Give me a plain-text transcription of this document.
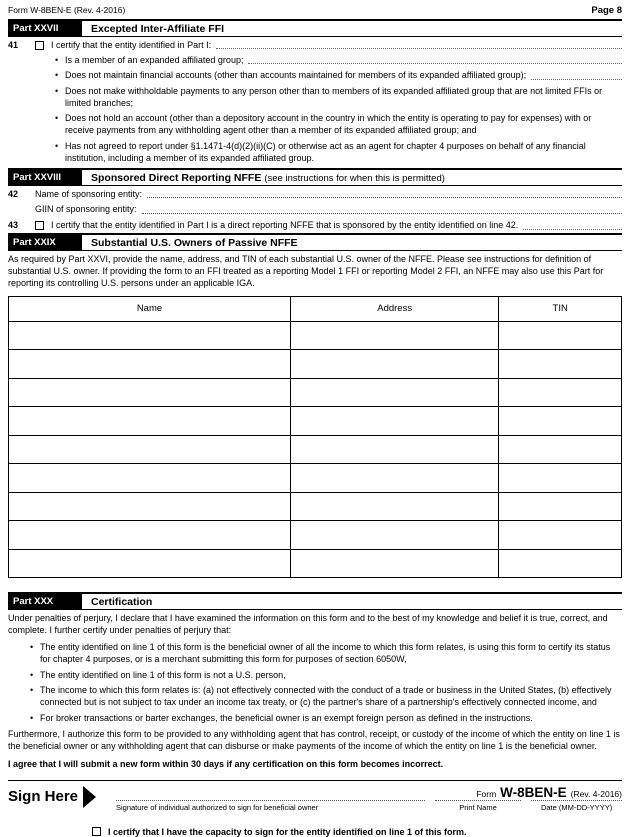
Form W-8BEN-E (Rev. 4-2016)	Page 8
Part XXVII	Excepted Inter-Affiliate FFI
41	I certify that the entity identified in Part I:
•
Is a member of an expanded affiliated group;
•
Does not maintain financial accounts (other than accounts maintained for members of its expanded affiliated group);
•
Does not make withholdable payments to any person other than to members of its expanded affiliated group that are not limited FFIs or limited branches;
•
Does not hold an account (other than a depository account in the country in which the entity is operating to pay for expenses) with or receive payments from any withholding agent other than a member of its expanded affiliated group; and
•
Has not agreed to report under §1.1471-4(d)(2)(ii)(C) or otherwise act as an agent for chapter 4 purposes on behalf of any financial institution, including a member of its expanded affiliated group.
Part XXVIII	Sponsored Direct Reporting NFFE (see instructions for when this is permitted)
42	Name of sponsoring entity:
GIIN of sponsoring entity:
43	I certify that the entity identified in Part I is a direct reporting NFFE that is sponsored by the entity identified on line 42.
Part XXIX	Substantial U.S. Owners of Passive NFFE
As required by Part XXVI, provide the name, address, and TIN of each substantial U.S. owner of the NFFE. Please see instructions for definition of substantial U.S. owner. If providing the form to an FFI treated as a reporting Model 1 FFI or reporting Model 2 FFI, an NFFE may also use this Part for reporting its controlling U.S. persons under an applicable IGA.
Name	Address	TIN

Part XXX	Certification
Under penalties of perjury, I declare that I have examined the information on this form and to the best of my knowledge and belief it is true, correct, and complete. I further certify under penalties of perjury that:
•
The entity identified on line 1 of this form is the beneficial owner of all the income to which this form relates, is using this form to certify its status for chapter 4 purposes, or is a merchant submitting this form for purposes of section 6050W,
•
The entity identified on line 1 of this form is not a U.S. person,
•
The income to which this form relates is: (a) not effectively connected with the conduct of a trade or business in the United States, (b) effectively connected but is not subject to tax under an income tax treaty, or (c) the partner's share of a partnership's effectively connected income, and
•
For broker transactions or barter exchanges, the beneficial owner is an exempt foreign person as defined in the instructions.
Furthermore, I authorize this form to be provided to any withholding agent that has control, receipt, or custody of the income of which the entity on line 1 is the beneficial owner or any withholding agent that can disburse or make payments of the income of which the entity on line 1 is the beneficial owner.
I agree that I will submit a new form within 30 days if any certification on this form becomes incorrect.
Sign Here
Signature of individual authorized to sign for beneficial owner	Print Name	Date (MM-DD-YYYY)
I certify that I have the capacity to sign for the entity identified on line 1 of this form.
Form W-8BEN-E (Rev. 4-2016)
